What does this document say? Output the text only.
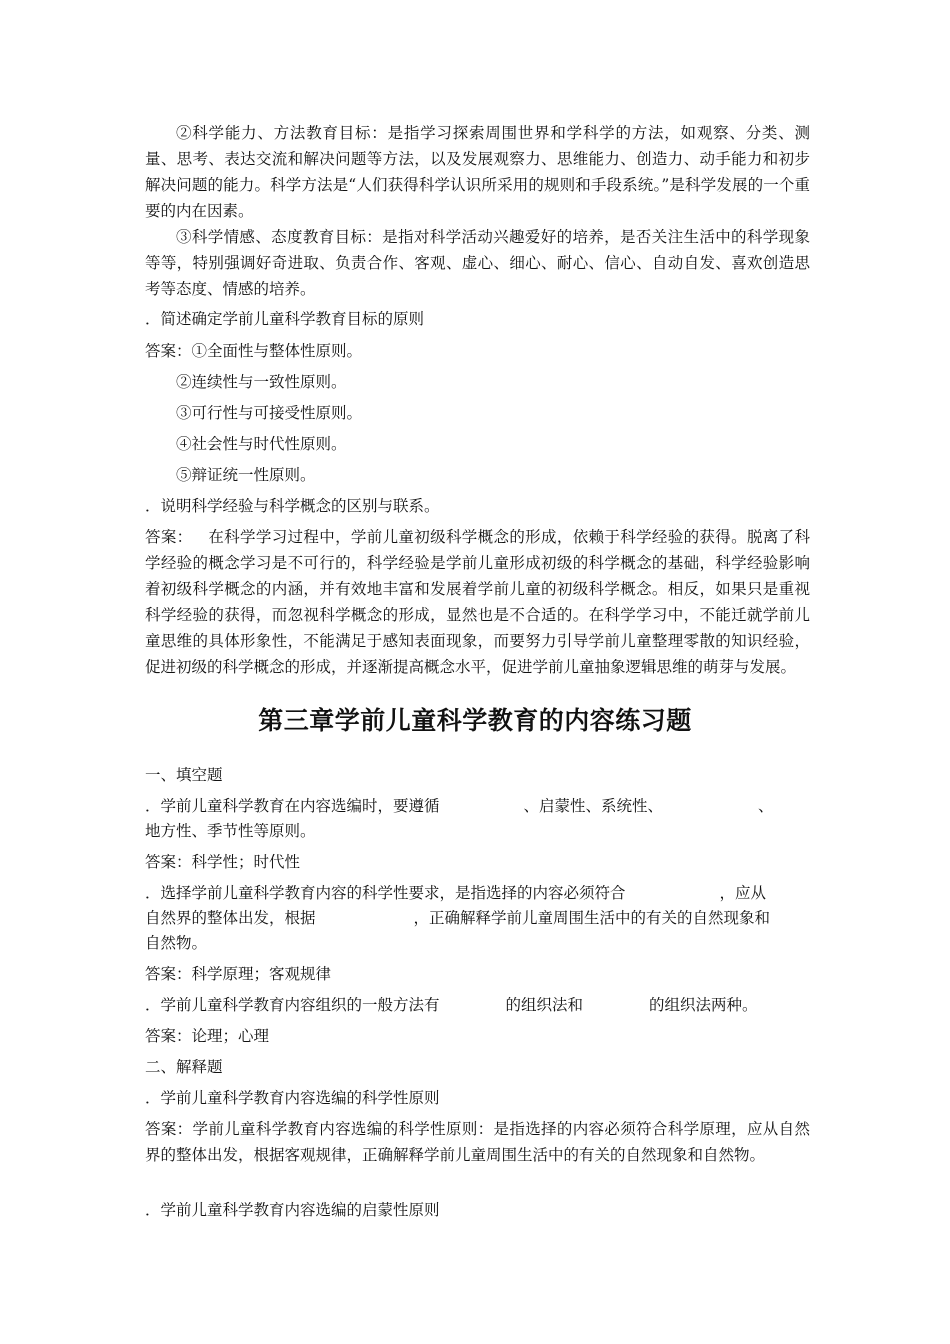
②科学能力、方法教育目标：是指学习探索周围世界和学科学的方法，如观察、分类、测量、思考、表达交流和解决问题等方法，以及发展观察力、思维能力、创造力、动手能力和初步解决问题的能力。科学方法是“人们获得科学认识所采用的规则和手段系统。”是科学发展的一个重要的内在因素。

③科学情感、态度教育目标：是指对科学活动兴趣爱好的培养，是否关注生活中的科学现象等等，特别强调好奇进取、负责合作、客观、虚心、细心、耐心、信心、自动自发、喜欢创造思考等态度、情感的培养。

．简述确定学前儿童科学教育目标的原则

答案：①全面性与整体性原则。

②连续性与一致性原则。

③可行性与可接受性原则。

④社会性与时代性原则。

⑤辩证统一性原则。

．说明科学经验与科学概念的区别与联系。

答案：   在科学学习过程中，学前儿童初级科学概念的形成，依赖于科学经验的获得。脱离了科学经验的概念学习是不可行的，科学经验是学前儿童形成初级的科学概念的基础，科学经验影响着初级科学概念的内涵，并有效地丰富和发展着学前儿童的初级科学概念。相反，如果只是重视科学经验的获得，而忽视科学概念的形成，显然也是不合适的。在科学学习中，不能迁就学前儿童思维的具体形象性，不能满足于感知表面现象，而要努力引导学前儿童整理零散的知识经验，促进初级的科学概念的形成，并逐渐提高概念水平，促进学前儿童抽象逻辑思维的萌芽与发展。

第三章学前儿童科学教育的内容练习题

一、填空题

．学前儿童科学教育在内容选编时，要遵循	、启蒙性、系统性、	、

地方性、季节性等原则。

答案：科学性；时代性

．选择学前儿童科学教育内容的科学性要求，是指选择的内容必须符合	，应从

自然界的整体出发，根据	，正确解释学前儿童周围生活中的有关的自然现象和

自然物。

答案：科学原理；客观规律

．学前儿童科学教育内容组织的一般方法有	的组织法和	的组织法两种。

答案：论理；心理

二、解释题

．学前儿童科学教育内容选编的科学性原则

答案：学前儿童科学教育内容选编的科学性原则：是指选择的内容必须符合科学原理，应从自然界的整体出发，根据客观规律，正确解释学前儿童周围生活中的有关的自然现象和自然物。

．学前儿童科学教育内容选编的启蒙性原则
